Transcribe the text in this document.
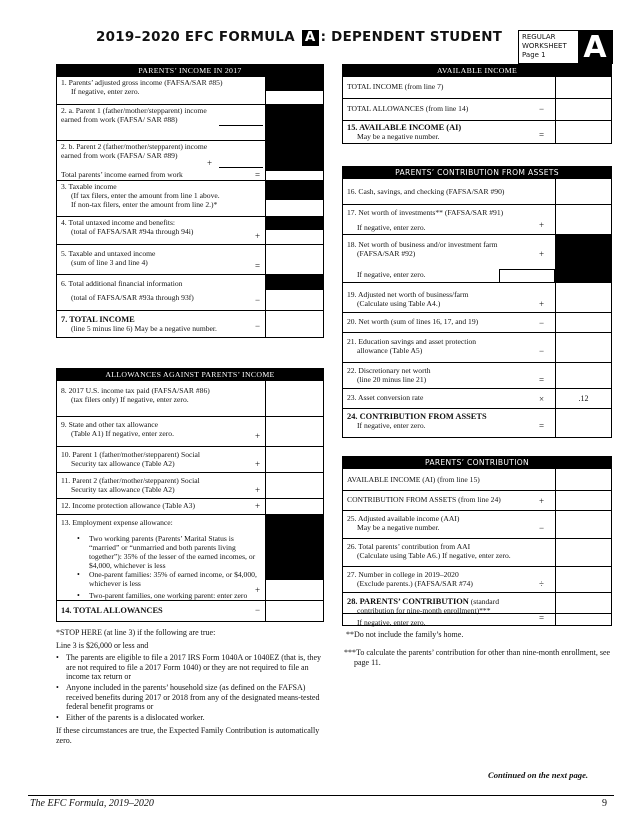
2019–2020 EFC FORMULA A : DEPENDENT STUDENT	REGULAR
WORKSHEET
Page 1	A
PARENTS’ INCOME IN 2017
1. Parents’ adjusted gross income (FAFSA/SAR #85)
If negative, enter zero.
2. a. Parent 1 (father/mother/stepparent) income earned from work (FAFSA/ SAR #88)
2. b. Parent 2 (father/mother/stepparent) income earned from work (FAFSA/ SAR #89)
+
Total parents’ income earned from work	=
3. Taxable income
(If tax filers, enter the amount from line 1 above.
If non-tax filers, enter the amount from line 2.)*
4. Total untaxed income and benefits:
(total of FAFSA/SAR #94a through 94i)	+
5. Taxable and untaxed income
(sum of line 3 and line 4)	=
6. Total additional financial information
(total of FAFSA/SAR #93a through 93f)	−
7. TOTAL INCOME
(line 5 minus line 6) May be a negative number.	−
ALLOWANCES AGAINST PARENTS’ INCOME
8. 2017 U.S. income tax paid (FAFSA/SAR #86)
(tax filers only) If negative, enter zero.
9. State and other tax allowance
(Table A1) If negative, enter zero.	+
10. Parent 1 (father/mother/stepparent) Social
Security tax allowance (Table A2)	+
11. Parent 2 (father/mother/stepparent) Social
Security tax allowance (Table A2)	+
12. Income protection allowance (Table A3)	+
13. Employment expense allowance:
• Two working parents (Parents’ Marital Status is “married” or “unmarried and both parents living together”): 35% of the lesser of the earned incomes, or $4,000, whichever is less
• One-parent families: 35% of earned income, or $4,000, whichever is less
• Two-parent families, one working parent: enter zero
+
14. TOTAL ALLOWANCES	−
*STOP HERE (at line 3) if the following are true:
Line 3 is $26,000 or less and
• The parents are eligible to file a 2017 IRS Form 1040A or 1040EZ (that is, they are not required to file a 2017 Form 1040) or they are not required to file an income tax return or
• Anyone included in the parents’ household size (as defined on the FAFSA) received benefits during 2017 or 2018 from any of the designated means-tested federal benefit programs or
• Either of the parents is a dislocated worker.
If these circumstances are true, the Expected Family Contribution is automatically zero.
AVAILABLE INCOME
TOTAL INCOME (from line 7)
TOTAL ALLOWANCES (from line 14)	−
15. AVAILABLE INCOME (AI)
May be a negative number.	=
PARENTS’ CONTRIBUTION FROM ASSETS
16. Cash, savings, and checking (FAFSA/SAR #90)
17. Net worth of investments** (FAFSA/SAR #91)
If negative, enter zero.	+
18. Net worth of business and/or investment farm
(FAFSA/SAR #92)
If negative, enter zero.
+
19. Adjusted net worth of business/farm
(Calculate using Table A4.)	+
20. Net worth (sum of lines 16, 17, and 19)	−
21. Education savings and asset protection
allowance (Table A5)	−
22. Discretionary net worth
(line 20 minus line 21)	=
23. Asset conversion rate	×	.12
24. CONTRIBUTION FROM ASSETS
If negative, enter zero.	=
PARENTS’ CONTRIBUTION
AVAILABLE INCOME (AI) (from line 15)
CONTRIBUTION FROM ASSETS (from line 24)	+
25. Adjusted available income (AAI)
May be a negative number.	−
26. Total parents’ contribution from AAI
(Calculate using Table A6.) If negative, enter zero.
27. Number in college in 2019–2020
(Exclude parents.) (FAFSA/SAR #74)	÷
28. PARENTS’ CONTRIBUTION (standard
contribution for nine-month enrollment)***
If negative, enter zero.	=
**Do not include the family’s home.
***To calculate the parents’ contribution for other than nine-month enrollment, see page 11.
Continued on the next page.
The EFC Formula, 2019–2020	9
